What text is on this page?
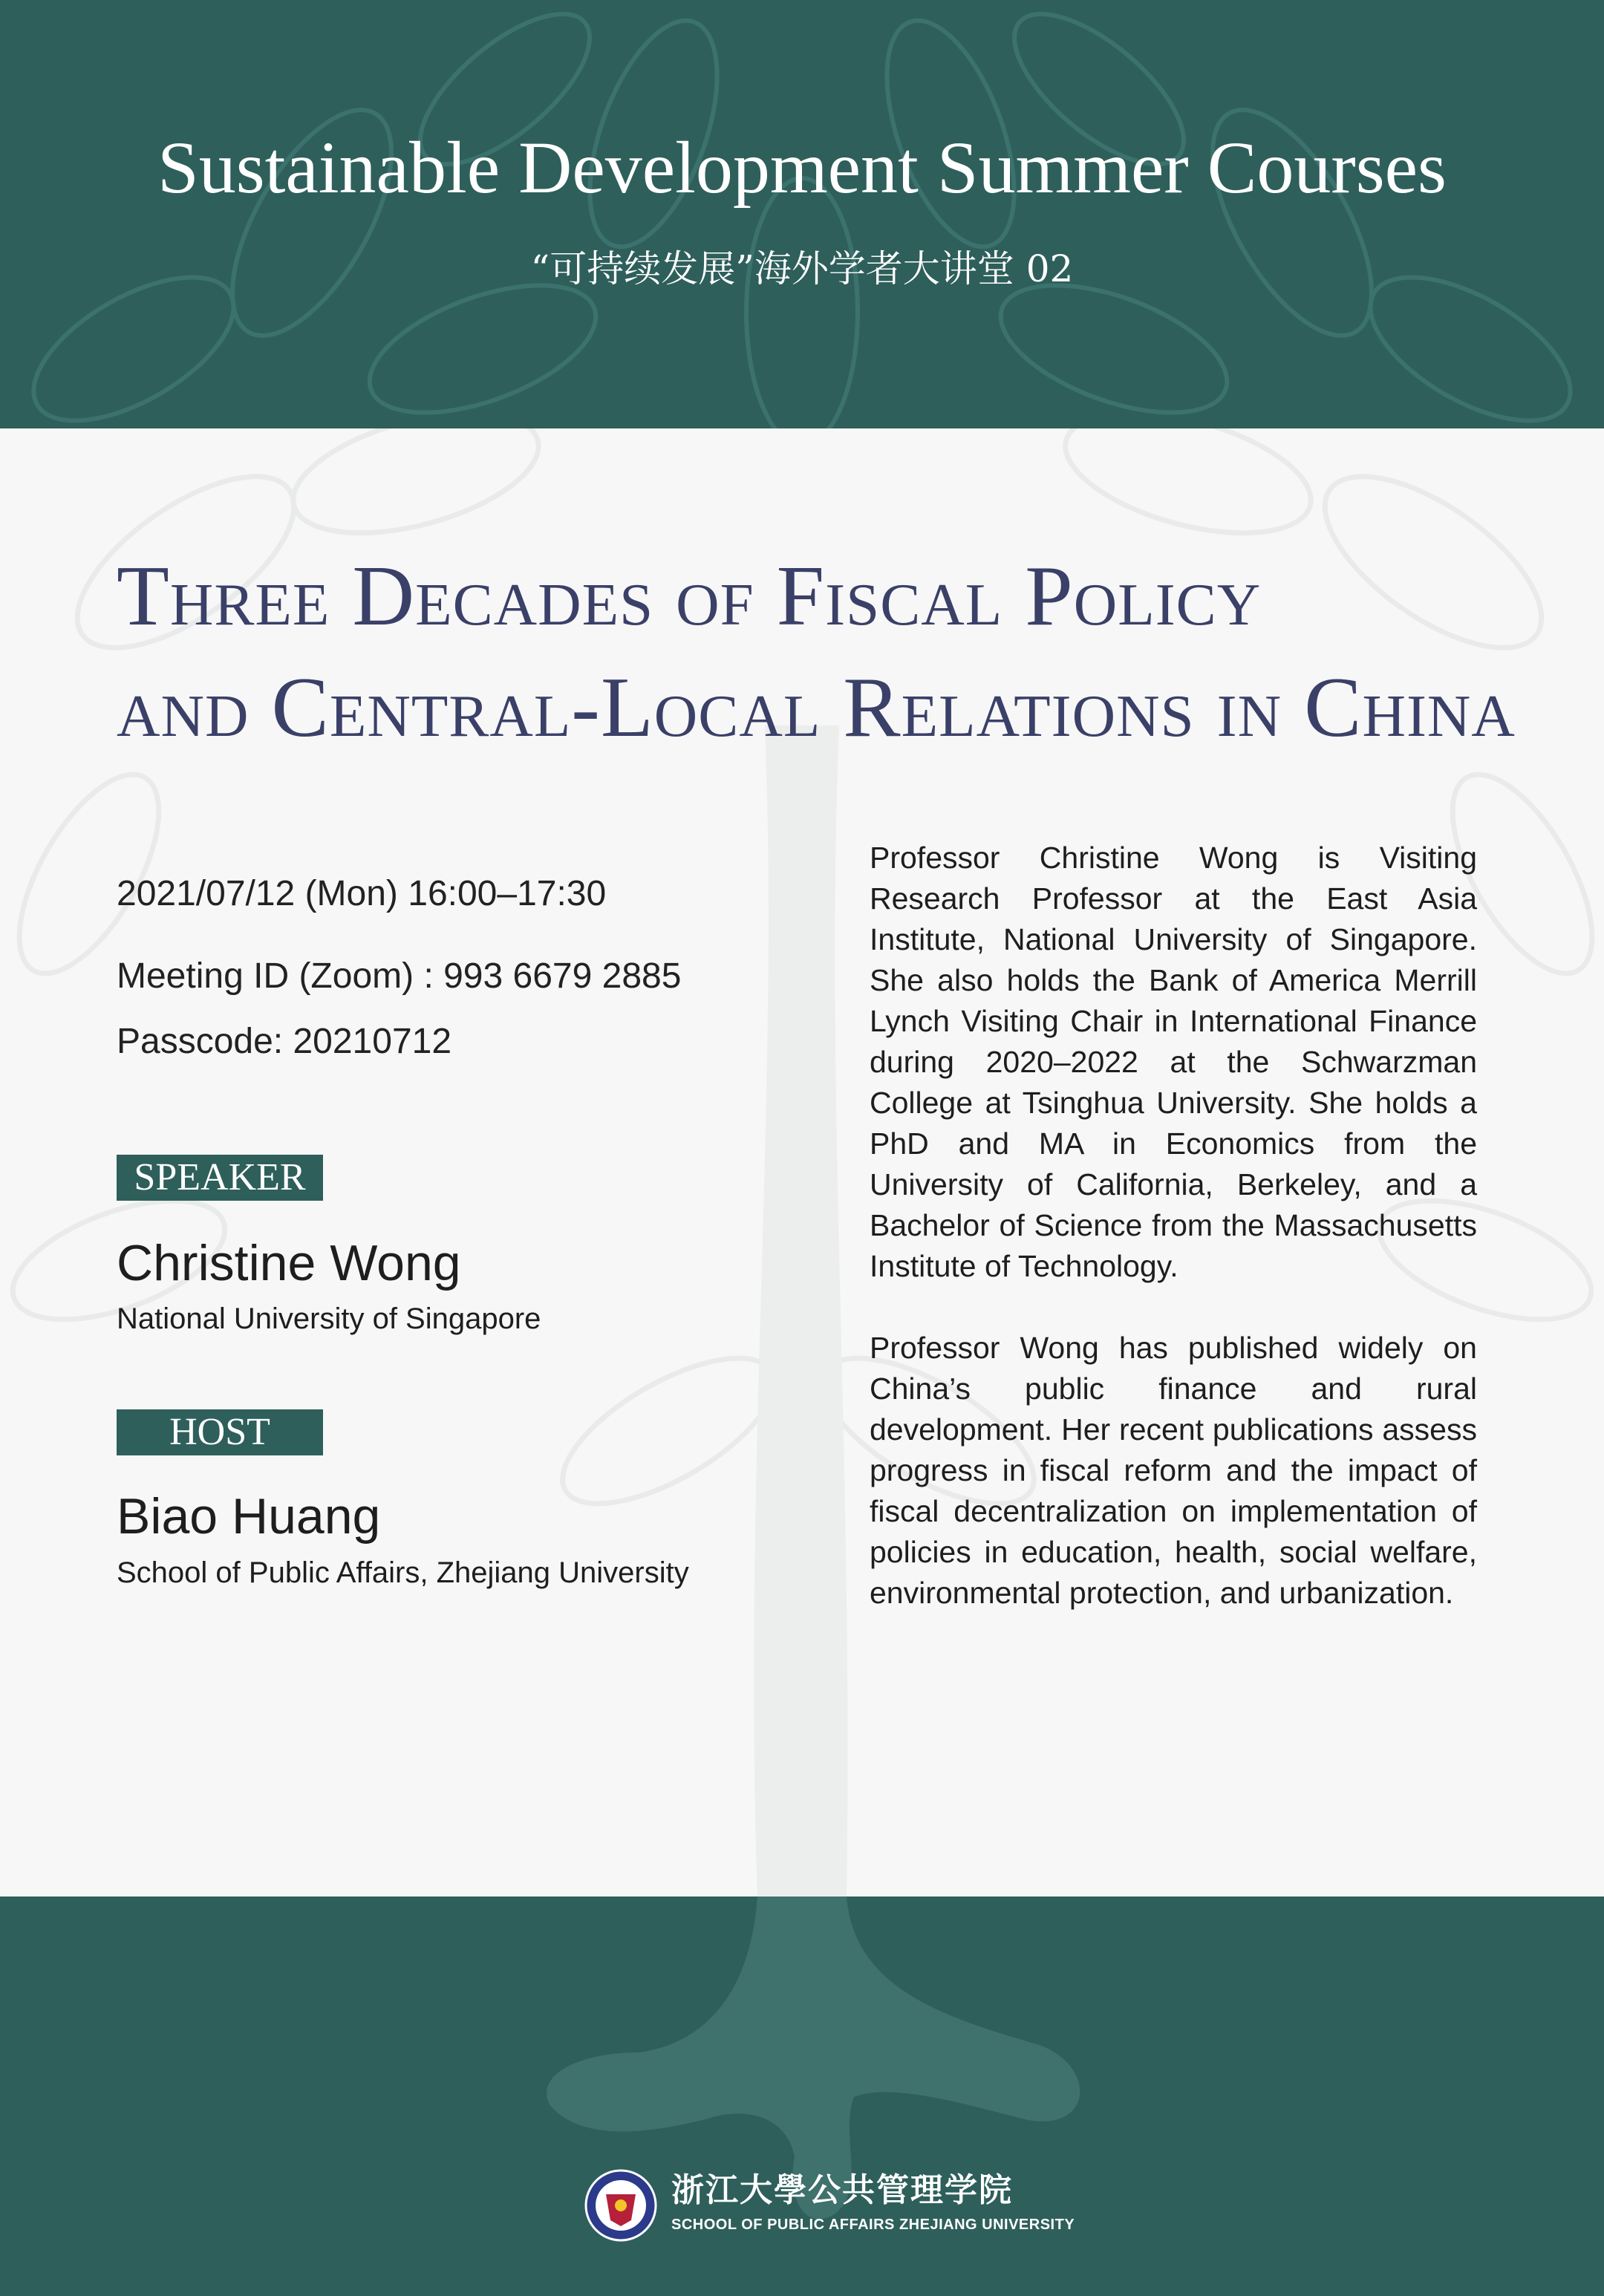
Sustainable Development Summer Courses
“可持续发展”海外学者大讲堂 02
Three Decades of Fiscal Policy
and Central-Local Relations in China
2021/07/12 (Mon) 16:00–17:30
Meeting ID (Zoom) : 993 6679 2885
Passcode: 20210712
SPEAKER
Christine Wong
National University of Singapore
HOST
Biao Huang
School of Public Affairs, Zhejiang University

Professor Christine Wong is Visiting Research Professor at the East Asia Institute, National University of Singapore. She also holds the Bank of America Merrill Lynch Visiting Chair in International Finance during 2020–2022 at the Schwarzman College at Tsinghua University. She holds a PhD and MA in Economics from the University of California, Berkeley, and a Bachelor of Science from the Massachusetts Institute of Technology.

Professor Wong has published widely on China’s public finance and rural development. Her recent publications assess progress in fiscal reform and the impact of fiscal decentralization on implementation of policies in education, health, social welfare, environmental protection, and urbanization.

浙江大學公共管理学院
SCHOOL OF PUBLIC AFFAIRS ZHEJIANG UNIVERSITY
